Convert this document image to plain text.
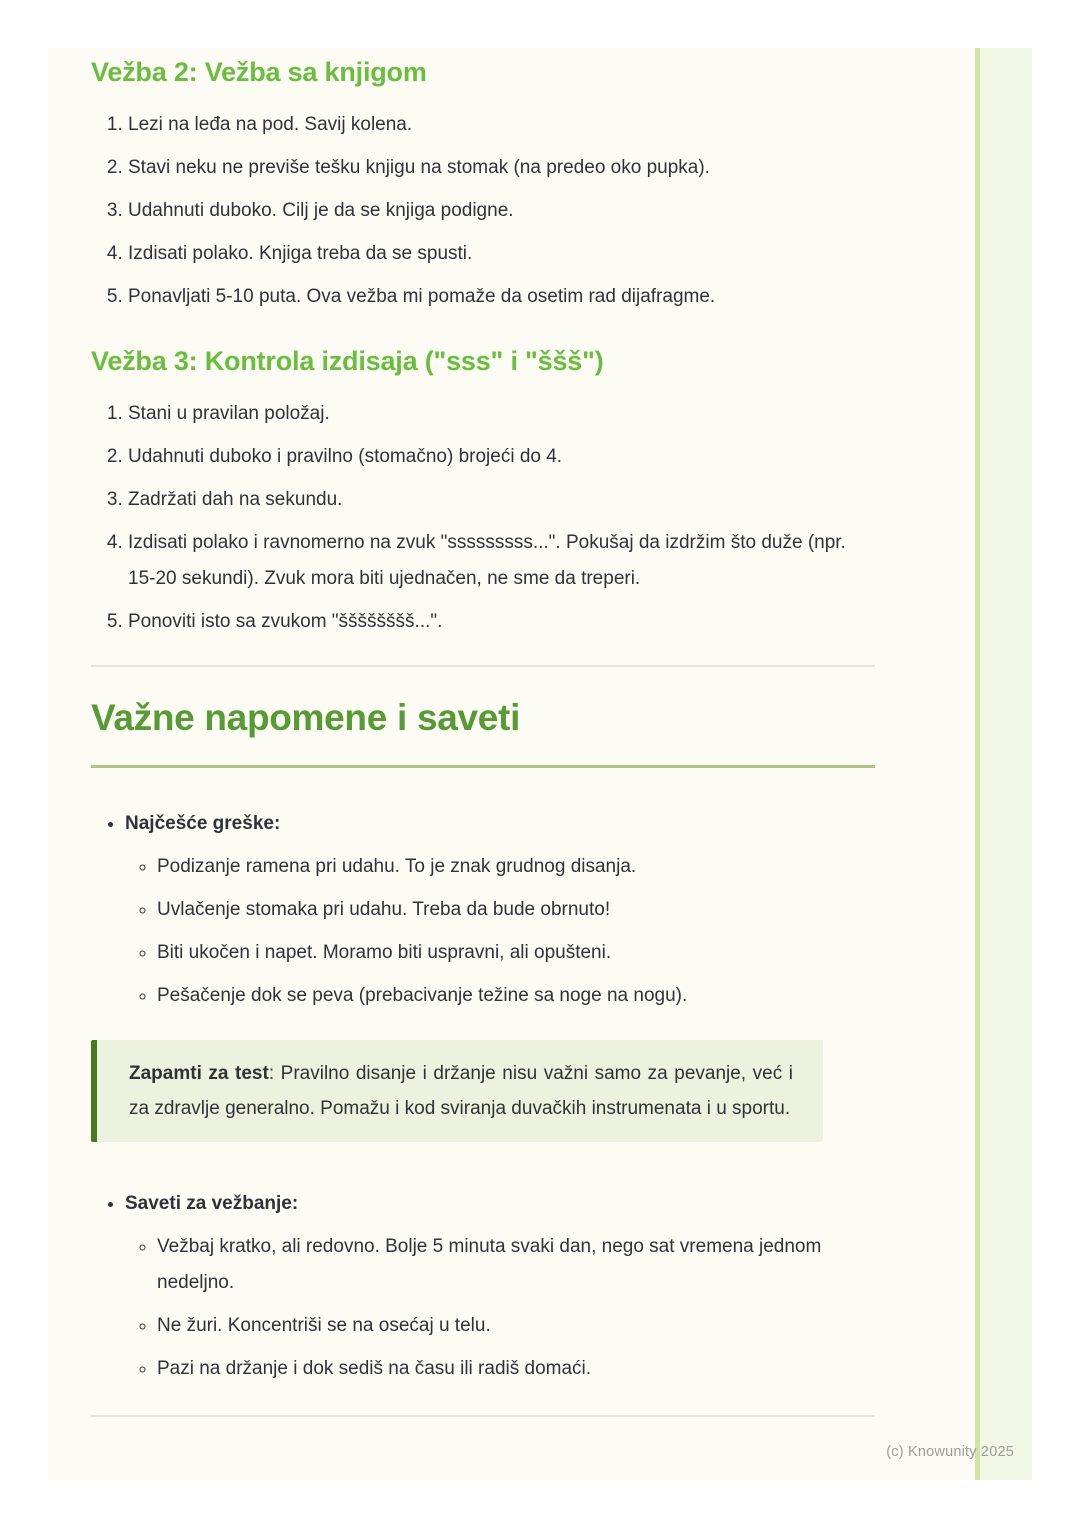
Vežba 2: Vežba sa knjigom
1. Lezi na leđa na pod. Savij kolena.
2. Stavi neku ne previše tešku knjigu na stomak (na predeo oko pupka).
3. Udahnuti duboko. Cilj je da se knjiga podigne.
4. Izdisati polako. Knjiga treba da se spusti.
5. Ponavljati 5-10 puta. Ova vežba mi pomaže da osetim rad dijafragme.
Vežba 3: Kontrola izdisaja ("sss" i "ššš")
1. Stani u pravilan položaj.
2. Udahnuti duboko i pravilno (stomačno) brojeći do 4.
3. Zadržati dah na sekundu.
4. Izdisati polako i ravnomerno na zvuk "sssssssss...". Pokušaj da izdržim što duže (npr. 15-20 sekundi). Zvuk mora biti ujednačen, ne sme da treperi.
5. Ponoviti isto sa zvukom "šššššššš...".
Važne napomene i saveti
• Najčešće greške:
◦ Podizanje ramena pri udahu. To je znak grudnog disanja.
◦ Uvlačenje stomaka pri udahu. Treba da bude obrnuto!
◦ Biti ukočen i napet. Moramo biti uspravni, ali opušteni.
◦ Pešačenje dok se peva (prebacivanje težine sa noge na nogu).

Zapamti za test: Pravilno disanje i držanje nisu važni samo za pevanje, već i za zdravlje generalno. Pomažu i kod sviranja duvačkih instrumenata i u sportu.

• Saveti za vežbanje:
◦ Vežbaj kratko, ali redovno. Bolje 5 minuta svaki dan, nego sat vremena jednom nedeljno.
◦ Ne žuri. Koncentriši se na osećaj u telu.
◦ Pazi na držanje i dok sediš na času ili radiš domaći.
(c) Knowunity 2025
